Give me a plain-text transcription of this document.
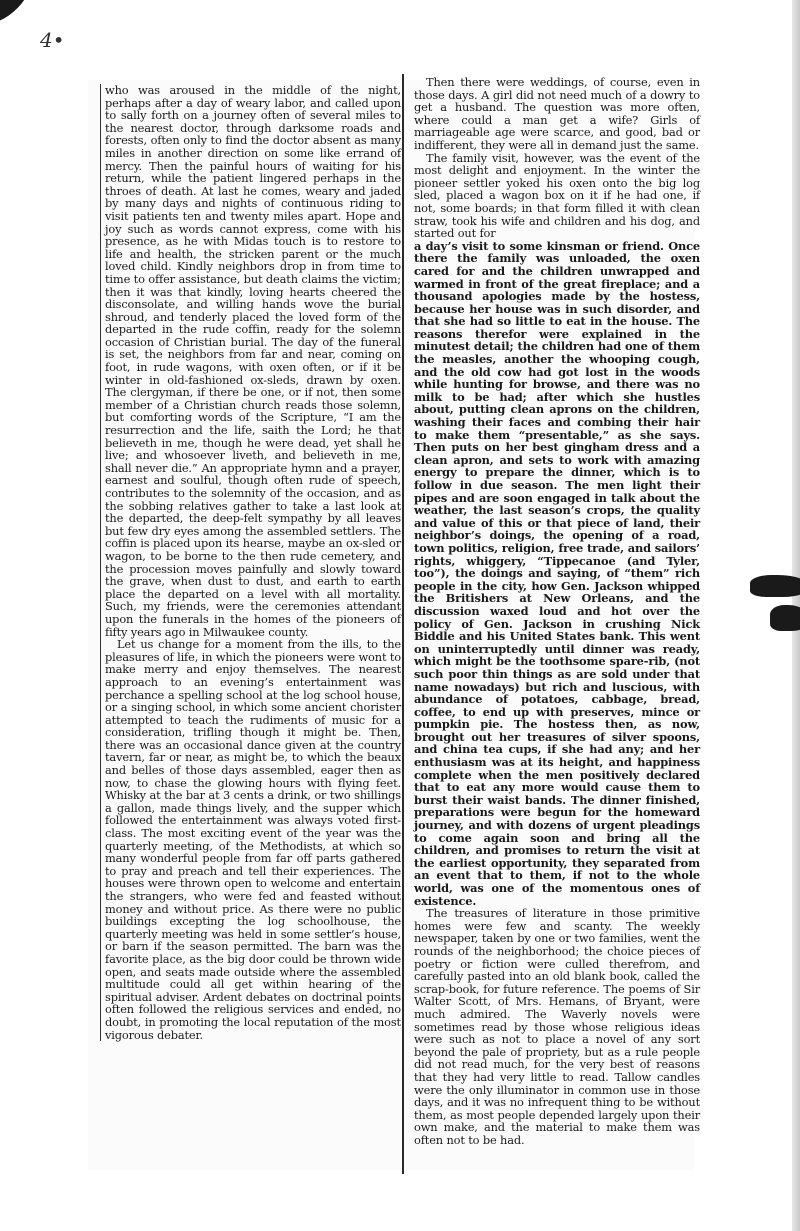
4•

who was aroused in the middle of the night, perhaps after a day of weary labor, and called upon to sally forth on a journey often of several miles to the nearest doctor, through darksome roads and forests, often only to find the doctor absent as many miles in another direction on some like errand of mercy. Then the painful hours of waiting for his return, while the patient lingered perhaps in the throes of death. At last he comes, weary and jaded by many days and nights of continuous riding to visit patients ten and twenty miles apart. Hope and joy such as words cannot express, come with his presence, as he with Midas touch is to restore to life and health, the stricken parent or the much loved child. Kindly neighbors drop in from time to time to offer assistance, but death claims the victim; then it was that kindly, loving hearts cheered the disconsolate, and willing hands wove the burial shroud, and tenderly placed the loved form of the departed in the rude coffin, ready for the solemn occasion of Christian burial. The day of the funeral is set, the neighbors from far and near, coming on foot, in rude wagons, with oxen often, or if it be winter in old-fashioned ox-sleds, drawn by oxen. The clergyman, if there be one, or if not, then some member of a Christian church reads those solemn, but comforting words of the Scripture, “I am the resurrection and the life, saith the Lord; he that believeth in me, though he were dead, yet shall he live; and whosoever liveth, and believeth in me, shall never die.” An appropriate hymn and a prayer, earnest and soulful, though often rude of speech, contributes to the solemnity of the occasion, and as the sobbing relatives gather to take a last look at the departed, the deep-felt sympathy by all leaves but few dry eyes among the assembled settlers. The coffin is placed upon its hearse, maybe an ox-sled or wagon, to be borne to the then rude cemetery, and the procession moves painfully and slowly toward the grave, when dust to dust, and earth to earth place the departed on a level with all mortality. Such, my friends, were the ceremonies attendant upon the funerals in the homes of the pioneers of fifty years ago in Milwaukee county.

Let us change for a moment from the ills, to the pleasures of life, in which the pioneers were wont to make merry and enjoy themselves. The nearest approach to an evening’s entertainment was perchance a spelling school at the log school house, or a singing school, in which some ancient chorister attempted to teach the rudiments of music for a consideration, trifling though it might be. Then, there was an occasional dance given at the country tavern, far or near, as might be, to which the beaux and belles of those days assembled, eager then as now, to chase the glowing hours with flying feet. Whisky at the bar at 3 cents a drink, or two shillings a gallon, made things lively, and the supper which followed the entertainment was always voted first-class. The most exciting event of the year was the quarterly meeting, of the Methodists, at which so many wonderful people from far off parts gathered to pray and preach and tell their experiences. The houses were thrown open to welcome and entertain the strangers, who were fed and feasted without money and without price. As there were no public buildings excepting the log schoolhouse, the quarterly meeting was held in some settler’s house, or barn if the season permitted. The barn was the favorite place, as the big door could be thrown wide open, and seats made outside where the assembled multitude could all get within hearing of the spiritual adviser. Ardent debates on doctrinal points often followed the religious services and ended, no doubt, in promoting the local reputation of the most vigorous debater.

Then there were weddings, of course, even in those days. A girl did not need much of a dowry to get a husband. The question was more often, where could a man get a wife? Girls of marriageable age were scarce, and good, bad or indifferent, they were all in demand just the same.

The family visit, however, was the event of the most delight and enjoyment. In the winter the pioneer settler yoked his oxen onto the big log sled, placed a wagon box on it if he had one, if not, some boards; in that form filled it with clean straw, took his wife and children and his dog, and started out for

a day’s visit to some kinsman or friend. Once there the family was unloaded, the oxen cared for and the children unwrapped and warmed in front of the great fireplace; and a thousand apologies made by the hostess, because her house was in such disorder, and that she had so little to eat in the house. The reasons therefor were explained in the minutest detail; the children had one of them the measles, another the whooping cough, and the old cow had got lost in the woods while hunting for browse, and there was no milk to be had; after which she hustles about, putting clean aprons on the children, washing their faces and combing their hair to make them “presentable,” as she says. Then puts on her best gingham dress and a clean apron, and sets to work with amazing energy to prepare the dinner, which is to follow in due season. The men light their pipes and are soon engaged in talk about the weather, the last season’s crops, the quality and value of this or that piece of land, their neighbor’s doings, the opening of a road, town politics, religion, free trade, and sailors’ rights, whiggery, “Tippecanoe (and Tyler, too”), the doings and saying, of “them” rich people in the city, how Gen. Jackson whipped the Britishers at New Orleans, and the discussion waxed loud and hot over the policy of Gen. Jackson in crushing Nick Biddle and his United States bank. This went on uninterruptedly until dinner was ready, which might be the toothsome spare-rib, (not such poor thin things as are sold under that name nowadays) but rich and luscious, with abundance of potatoes, cabbage, bread, coffee, to end up with preserves, mince or pumpkin pie. The hostess then, as now, brought out her treasures of silver spoons, and china tea cups, if she had any; and her enthusiasm was at its height, and happiness complete when the men positively declared that to eat any more would cause them to burst their waist bands. The dinner finished, preparations were begun for the homeward journey, and with dozens of urgent pleadings to come again soon and bring all the children, and promises to return the visit at the earliest opportunity, they separated from an event that to them, if not to the whole world, was one of the momentous ones of existence.

The treasures of literature in those primitive homes were few and scanty. The weekly newspaper, taken by one or two families, went the rounds of the neighborhood; the choice pieces of poetry or fiction were culled therefrom, and carefully pasted into an old blank book, called the scrap-book, for future reference. The poems of Sir Walter Scott, of Mrs. Hemans, of Bryant, were much admired. The Waverly novels were sometimes read by those whose religious ideas were such as not to place a novel of any sort beyond the pale of propriety, but as a rule people did not read much, for the very best of reasons that they had very little to read. Tallow candles were the only illuminator in common use in those days, and it was no infrequent thing to be without them, as most people depended largely upon their own make, and the material to make them was often not to be had.
